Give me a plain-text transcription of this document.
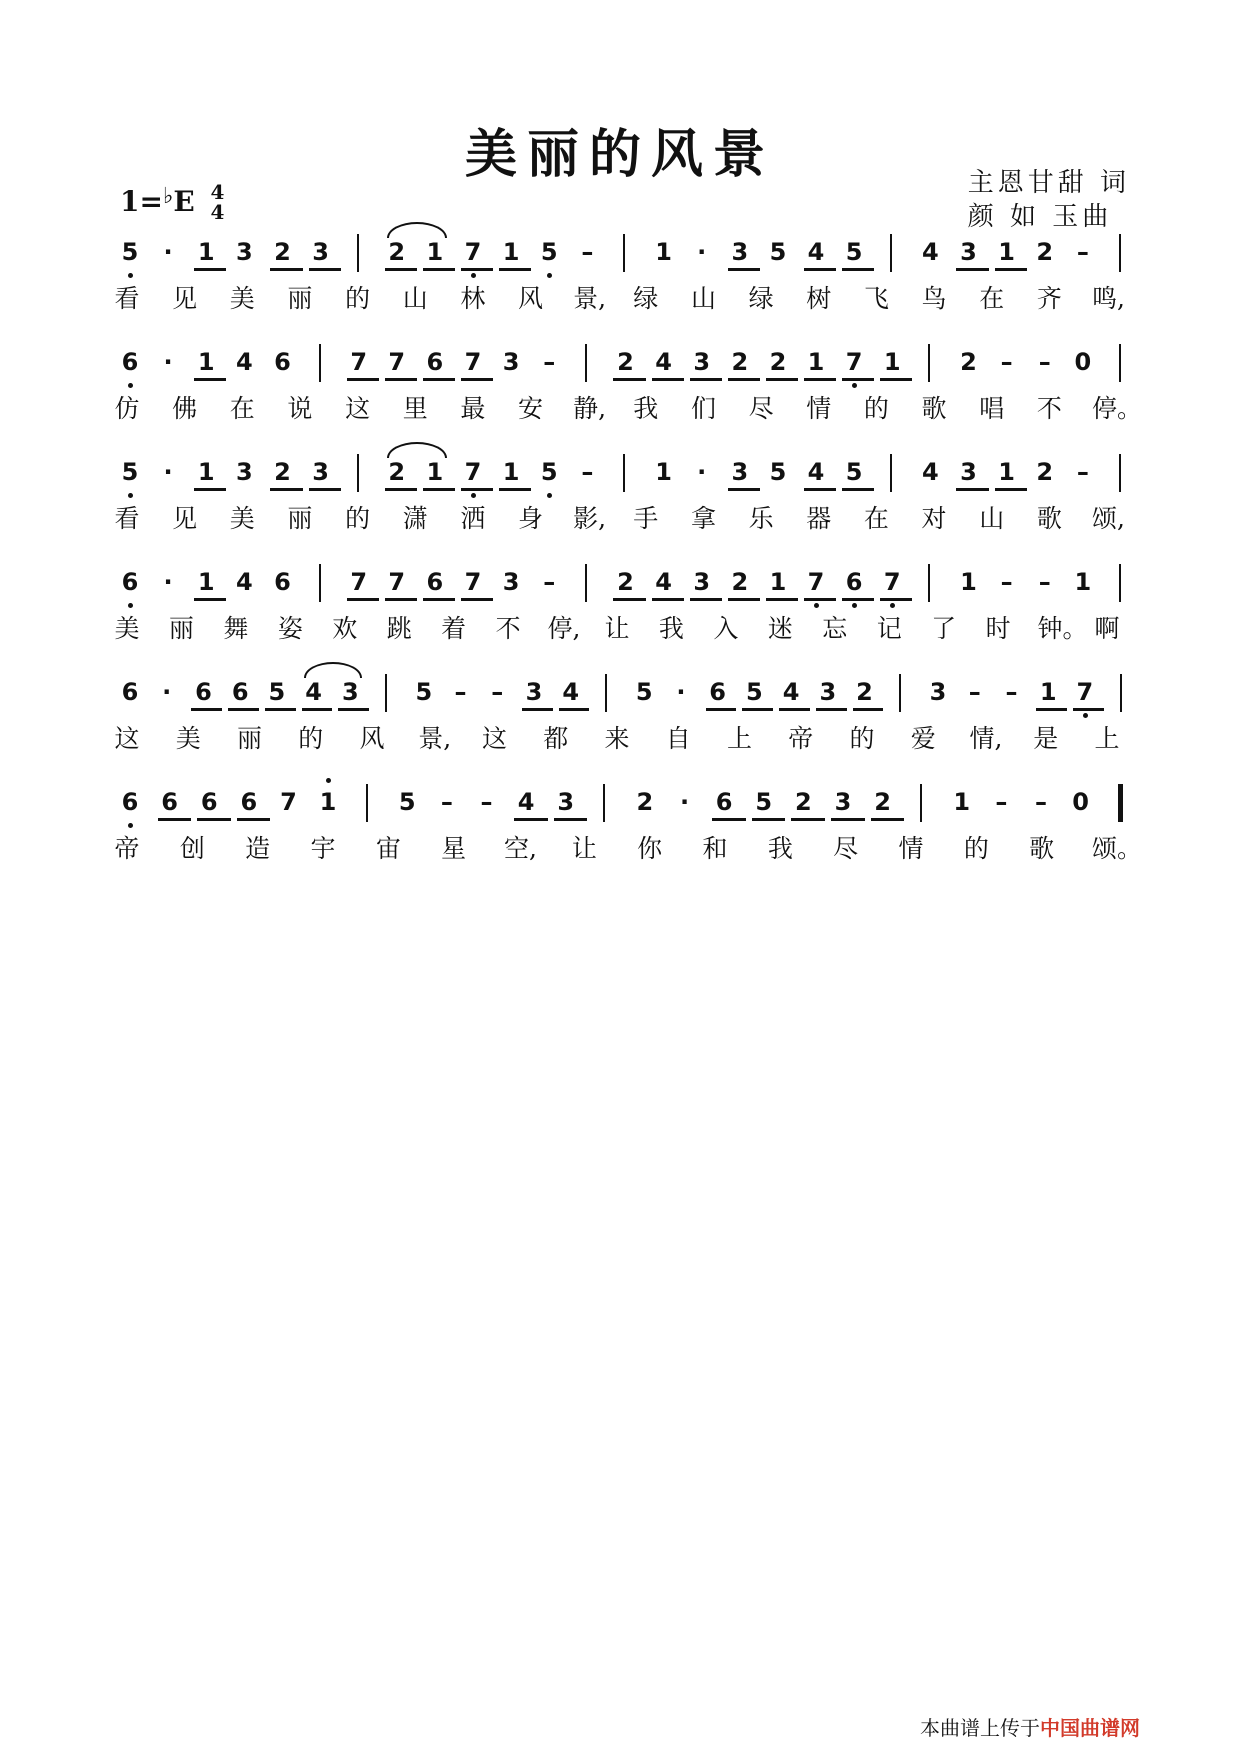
美丽的风景
1=♭E 4
4
主恩甘甜 词
颜 如 玉曲
5 · 1 3 2 3 2 1 7 1 5 –	1 · 3 5 4 5 4 3 1 2 –
看 见 美 丽 的 山 林 风 景, 绿 山 绿 树 飞 鸟 在 齐 鸣,
6 · 1 4 6 7 7 6 7 3 –	2 4 3 2 2 1 7 1 2 – – 0
仿 佛 在 说 这 里 最 安 静, 我 们 尽 情 的 歌 唱 不 停。
5 · 1 3 2 3 2 1 7 1 5 –	1 · 3 5 4 5 4 3 1 2 –
看 见 美 丽 的 潇 洒 身 影, 手 拿 乐 器 在 对 山 歌 颂,
6 · 1 4 6 7 7 6 7 3 –	2 4 3 2 1 7 6 7 1 – – 1
美 丽 舞 姿 欢 跳 着 不 停, 让 我 入 迷 忘 记 了 时 钟。 啊
6 · 6 6 5 4 3 5 – – 3 4 5 · 6 5 4 3 2 3 – – 1 7
这 美 丽 的 风 景, 这 都 来 自 上 帝 的 爱 情, 是 上
6 6 6 6 7 1	5 – – 4 3	2 · 6 5 2 3 2	1 – – 0
帝 创 造 宇 宙 星 空, 让 你 和 我 尽 情 的 歌 颂。
本曲谱上传于中国曲谱网
